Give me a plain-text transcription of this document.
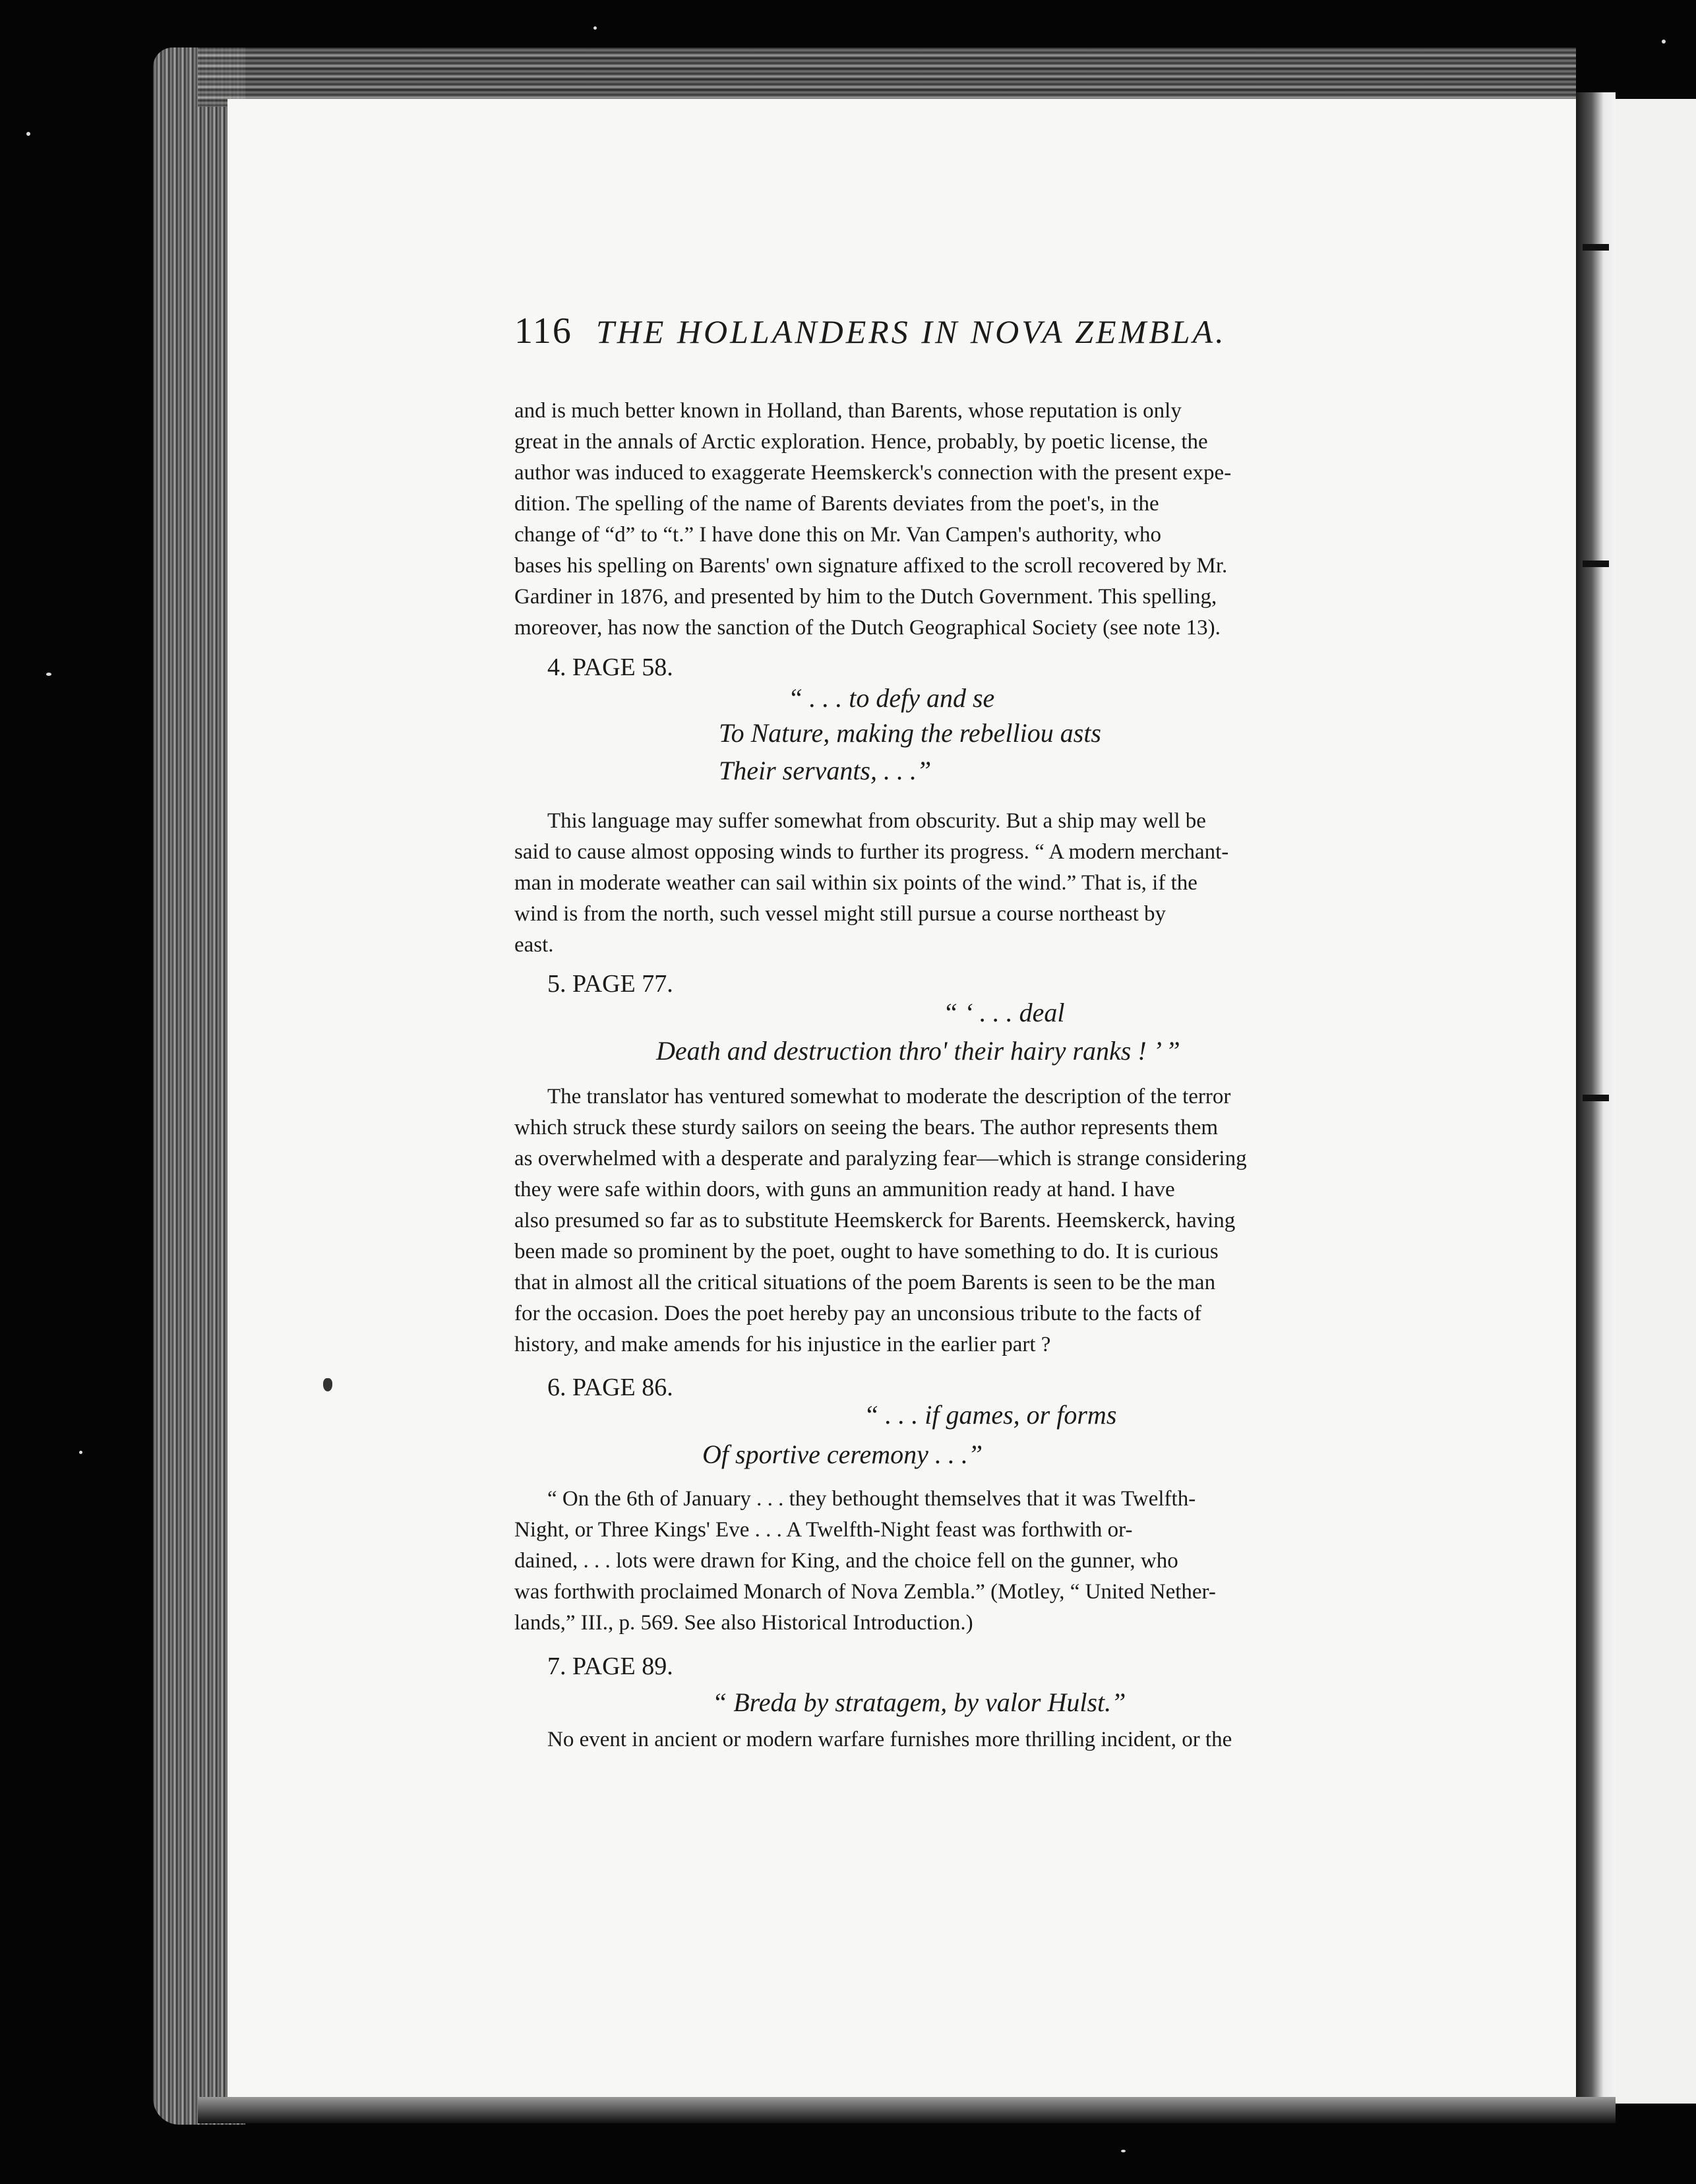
116 THE HOLLANDERS IN NOVA ZEMBLA.

and is much better known in Holland, than Barents, whose reputation is only

great in the annals of Arctic exploration. Hence, probably, by poetic license, the

author was induced to exaggerate Heemskerck's connection with the present expe-

dition. The spelling of the name of Barents deviates from the poet's, in the

change of “d” to “t.” I have done this on Mr. Van Campen's authority, who

bases his spelling on Barents' own signature affixed to the scroll recovered by Mr.

Gardiner in 1876, and presented by him to the Dutch Government. This spelling,

moreover, has now the sanction of the Dutch Geographical Society (see note 13).

4. PAGE 58.
“ . . . to defy and se
To Nature, making the rebelliou asts
Their servants, . . .”

This language may suffer somewhat from obscurity. But a ship may well be

said to cause almost opposing winds to further its progress. “ A modern merchant-

man in moderate weather can sail within six points of the wind.” That is, if the

wind is from the north, such vessel might still pursue a course northeast by

east.

5. PAGE 77.
“ ‘ . . . deal
Death and destruction thro' their hairy ranks ! ’ ”

The translator has ventured somewhat to moderate the description of the terror

which struck these sturdy sailors on seeing the bears. The author represents them

as overwhelmed with a desperate and paralyzing fear—which is strange considering

they were safe within doors, with guns an ammunition ready at hand. I have

also presumed so far as to substitute Heemskerck for Barents. Heemskerck, having

been made so prominent by the poet, ought to have something to do. It is curious

that in almost all the critical situations of the poem Barents is seen to be the man

for the occasion. Does the poet hereby pay an unconsious tribute to the facts of

history, and make amends for his injustice in the earlier part ?

6. PAGE 86.
“ . . . if games, or forms
Of sportive ceremony . . .”

“ On the 6th of January . . . they bethought themselves that it was Twelfth-

Night, or Three Kings' Eve . . . A Twelfth-Night feast was forthwith or-

dained, . . . lots were drawn for King, and the choice fell on the gunner, who

was forthwith proclaimed Monarch of Nova Zembla.” (Motley, “ United Nether-

lands,” III., p. 569. See also Historical Introduction.)

7. PAGE 89.
“ Breda by stratagem, by valor Hulst.”

No event in ancient or modern warfare furnishes more thrilling incident, or the
